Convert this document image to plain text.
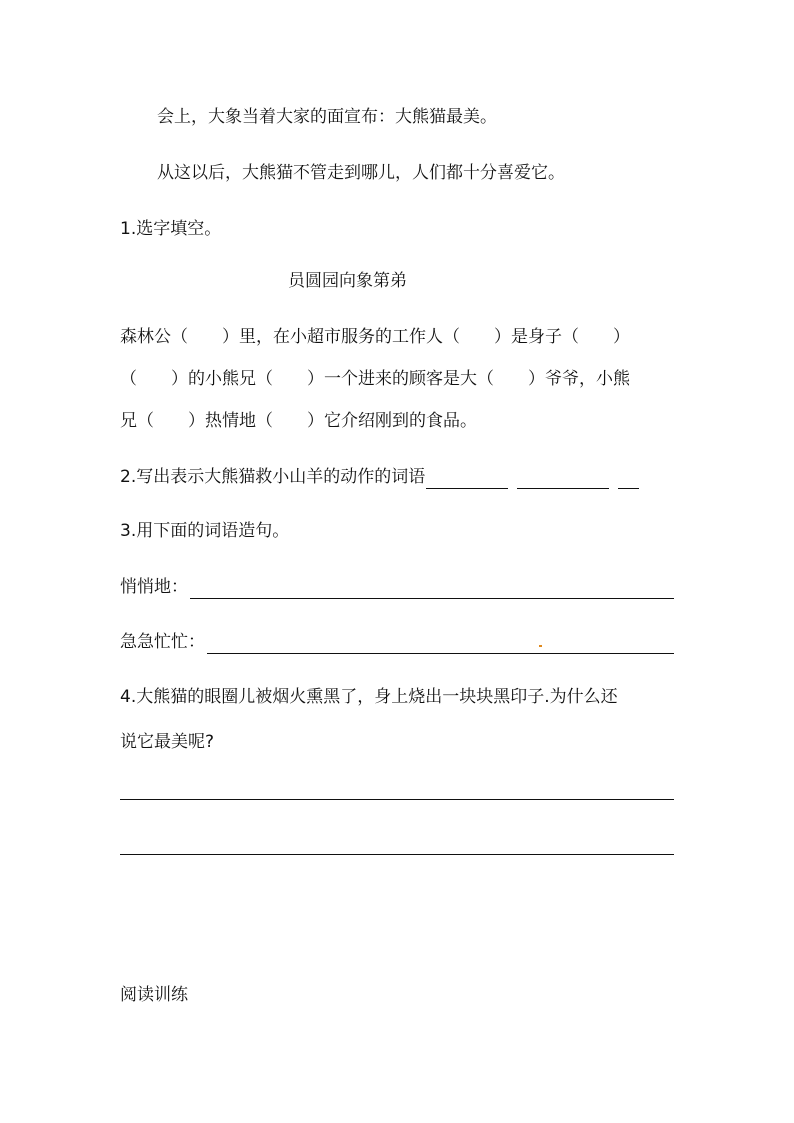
会上，大象当着大家的面宣布：大熊猫最美。
从这以后，大熊猫不管走到哪儿，人们都十分喜爱它。
1.选字填空。
员圆园向象第弟
森林公（　　）里，在小超市服务的工作人（　　）是身子（　　）
（　　）的小熊兄（　　）一个进来的顾客是大（　　）爷爷，小熊
兄（　　）热情地（　　）它介绍刚到的食品。
2.写出表示大熊猫救小山羊的动作的词语
3.用下面的词语造句。
悄悄地：
急急忙忙：
4.大熊猫的眼圈儿被烟火熏黑了，身上烧出一块块黑印子.为什么还
说它最美呢?
阅读训练
